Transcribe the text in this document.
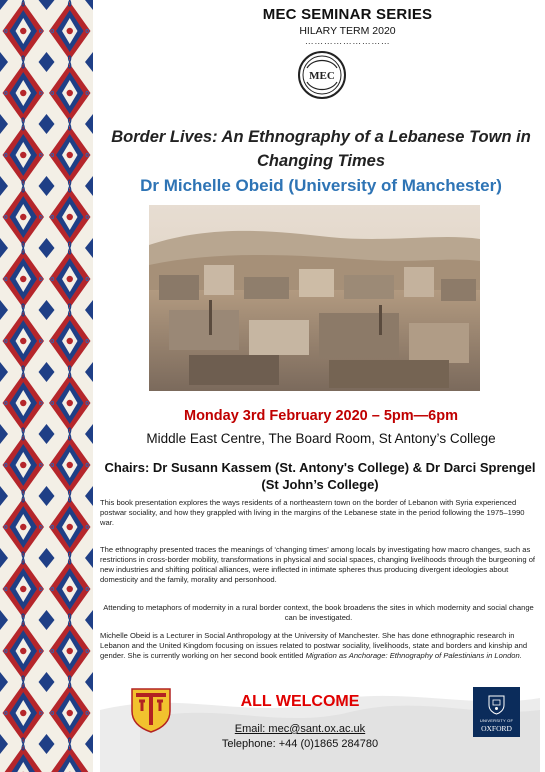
MEC SEMINAR SERIES
HILARY TERM 2020
………………………
MEC
Border Lives: An Ethnography of a Lebanese Town in Changing Times
Dr Michelle Obeid (University of Manchester)
Monday 3rd February 2020 – 5pm—6pm
Middle East Centre, The Board Room, St Antony’s College
Chairs: Dr Susann Kassem (St. Antony's College) & Dr Darci Sprengel (St John’s College)
This book presentation explores the ways residents of a northeastern town on the border of Lebanon with Syria experienced postwar sociality, and how they grappled with living in the margins of the Lebanese state in the period following the 1975–1990 war.
The ethnography presented traces the meanings of ‘changing times’ among locals by investigating how macro changes, such as restrictions in cross-border mobility, transformations in physical and social spaces, changing livelihoods through the burgeoning of new industries and shifting political alliances, were inflected in intimate spheres thus producing divergent ideologies about domesticity and the family, morality and personhood.
Attending to metaphors of modernity in a rural border context, the book broadens the sites in which modernity and social change can be investigated.
Michelle Obeid is a Lecturer in Social Anthropology at the University of Manchester. She has done ethnographic research in Lebanon and the United Kingdom focusing on issues related to postwar sociality, livelihoods, state and borders and kinship and gender. She is currently working on her second book entitled Migration as Anchorage: Ethnography of Palestinians in London.
ALL WELCOME
Email: mec@sant.ox.ac.uk
Telephone: +44 (0)1865 284780
UNIVERSITY OF
OXFORD
